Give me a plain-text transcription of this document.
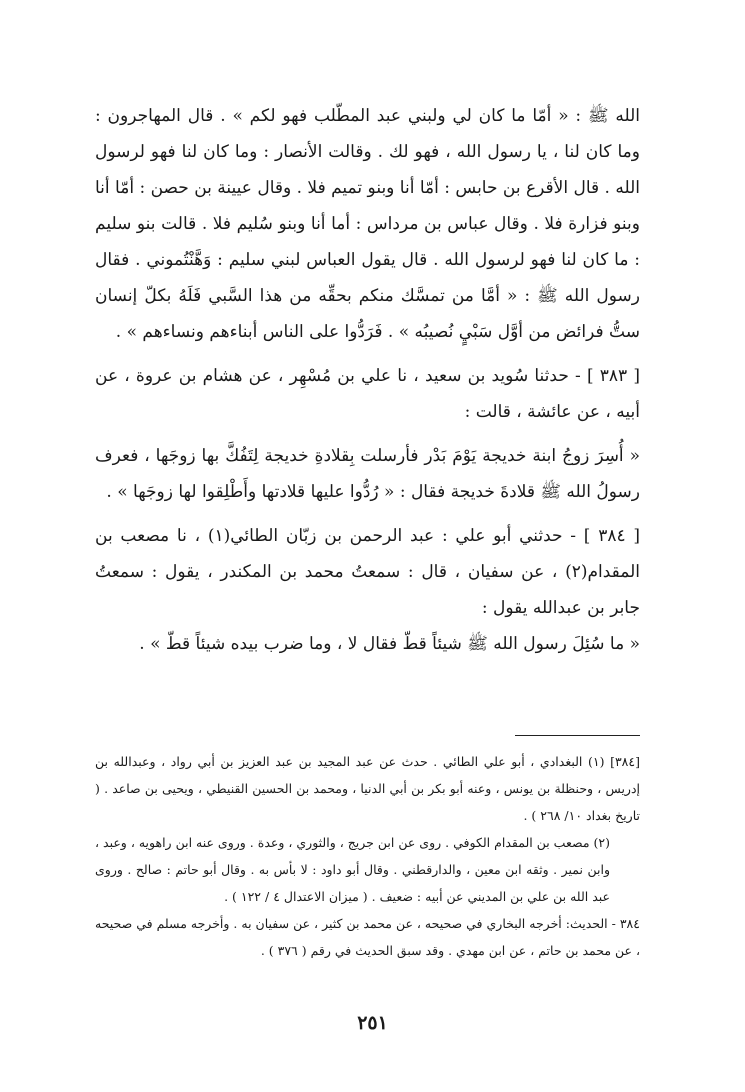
الله ﷺ : « أمّا ما كان لي ولبني عبد المطّلب فهو لكم » . قال المهاجرون : وما كان لنا ، يا رسول الله ، فهو لك . وقالت الأنصار : وما كان لنا فهو لرسول الله . قال الأقرع بن حابس : أمّا أنا وبنو تميم فلا . وقال عيينة بن حصن : أمّا أنا وبنو فزارة فلا . وقال عباس بن مرداس : أما أنا وبنو سُليم فلا . قالت بنو سليم : ما كان لنا فهو لرسول الله . قال يقول العباس لبني سليم : وَهَّنْتُموني . فقال رسول الله ﷺ : « أمَّا من تمسَّك منكم بحقِّه من هذا السَّبي فَلَهُ بكلّ إنسان ستُّ فرائض من أوَّل سَبْيٍ نُصيبُه » . فَرَدُّوا على الناس أبناءهم ونساءهم » .

[ ٣٨٣ ] - حدثنا سُويد بن سعيد ، نا علي بن مُسْهِر ، عن هشام بن عروة ، عن أبيه ، عن عائشة ، قالت :

« أُسِرَ زوجُ ابنة خديجة يَوْمَ بَدْر فأرسلت بِقلادةِ خديجة لِتَفُكَّ بها زوجَها ، فعرف رسولُ الله ﷺ قلادةَ خديجة فقال : « رُدُّوا عليها قلادتها وأَطْلِقوا لها زوجَها » .

[ ٣٨٤ ] - حدثني أبو علي : عبد الرحمن بن زبّان الطائي(١) ، نا مصعب بن المقدام(٢) ، عن سفيان ، قال : سمعتُ محمد بن المكندر ، يقول : سمعتُ جابر بن عبدالله يقول :

« ما سُئِلَ رسول الله ﷺ شيئاً قطّ فقال لا ، وما ضرب بيده شيئاً قطّ » .

[٣٨٤] (١) البغدادي ، أبو علي الطائي . حدث عن عبد المجيد بن عبد العزيز بن أبي رواد ، وعبدالله بن إدريس ، وحنظلة بن يونس ، وعنه أبو بكر بن أبي الدنيا ، ومحمد بن الحسين القنيطي ، ويحيى بن صاعد . ( تاريخ بغداد ١٠/ ٢٦٨ ) .

(٢) مصعب بن المقدام الكوفي . روى عن ابن جريج ، والثوري ، وعدة . وروى عنه ابن راهويه ، وعبد ، وابن نمير . وثقه ابن معين ، والدارقطني . وقال أبو داود : لا بأس به . وقال أبو حاتم : صالح . وروى عبد الله بن علي بن المديني عن أبيه : ضعيف . ( ميزان الاعتدال ٤ / ١٢٢ ) .

٣٨٤ - الحديث: أخرجه البخاري في صحيحه ، عن محمد بن كثير ، عن سفيان به . وأخرجه مسلم في صحيحه ، عن محمد بن حاتم ، عن ابن مهدي . وقد سبق الحديث في رقم ( ٣٧٦ ) .

٢٥١
